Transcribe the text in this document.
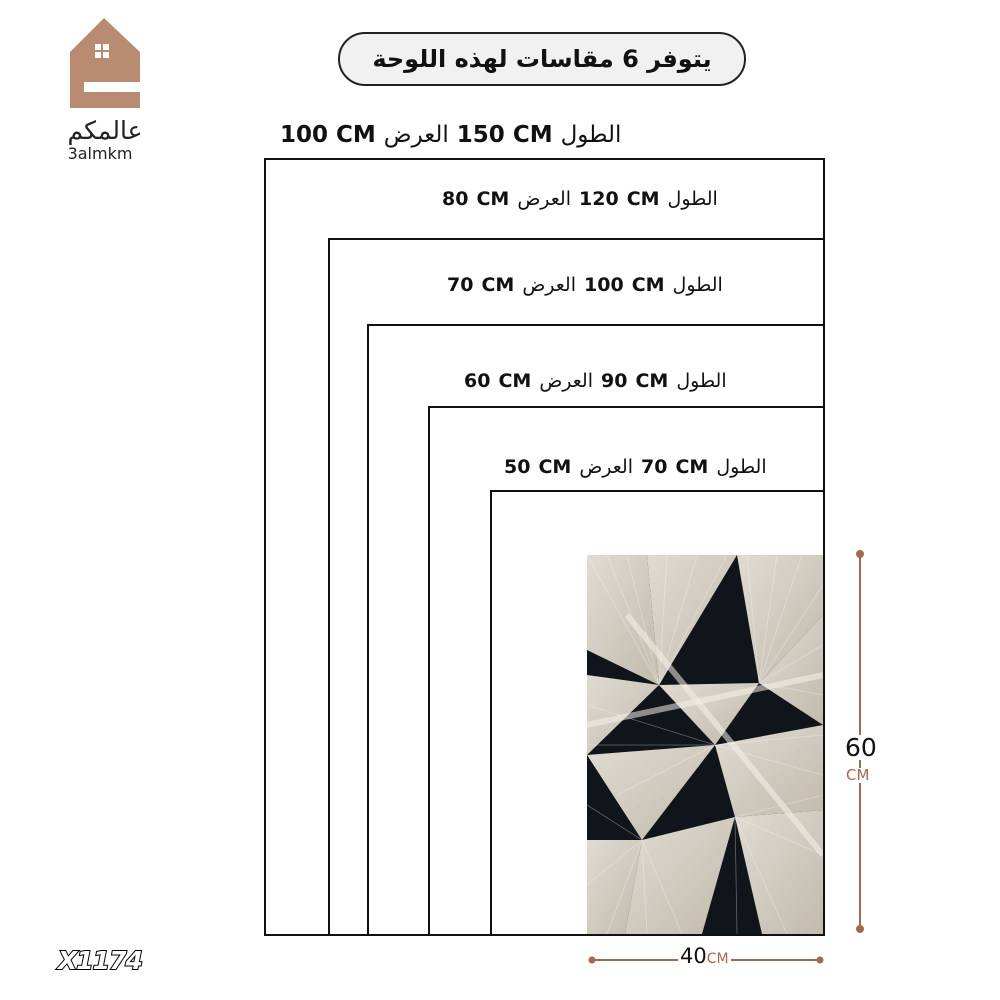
عالمكم
3almkm
يتوفر 6 مقاسات لهذه اللوحة
100 CM العرض 150 CM الطول
80 CM العرض 120 CM الطول
70 CM العرض 100 CM الطول
60 CM العرض 90 CM الطول
50 CM العرض 70 CM الطول
60
CM
40CM
X1174
